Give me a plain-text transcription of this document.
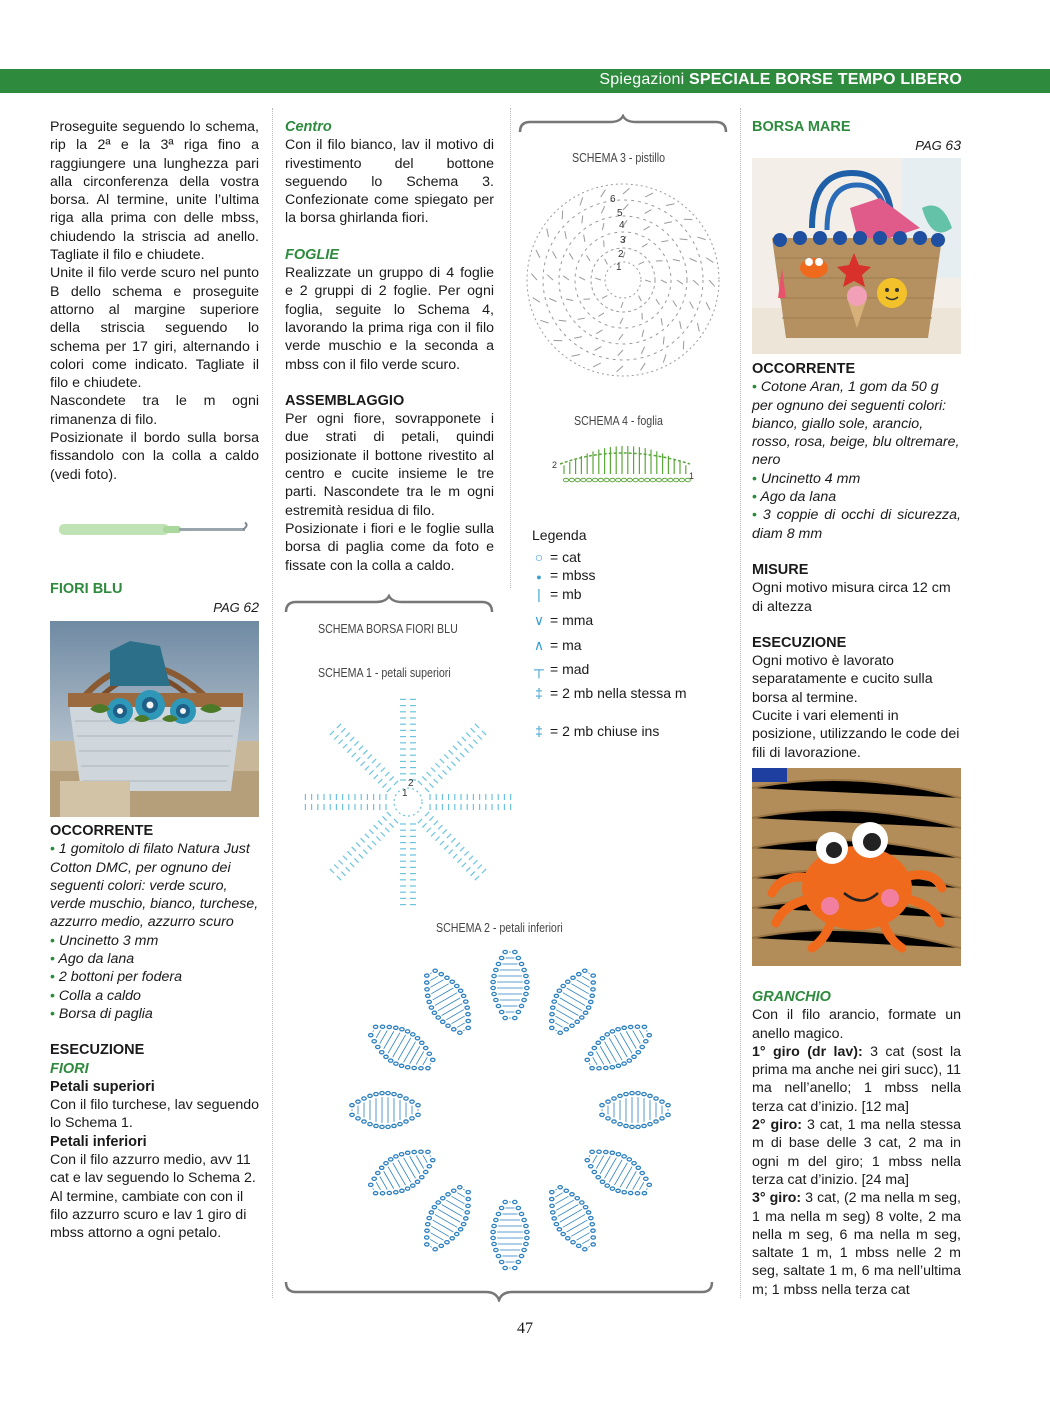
Spiegazioni SPECIALE BORSE TEMPO LIBERO

Proseguite seguendo lo schema, rip la 2ª e la 3ª riga fino a raggiungere una lunghezza pari alla circonferenza della vostra borsa. Al termine, unite l’ultima riga alla prima con delle mbss, chiudendo la striscia ad anello. Tagliate il filo e chiudete.

Unite il filo verde scuro nel punto B dello schema e proseguite attorno al margine superiore della striscia seguendo lo schema per 17 giri, alternando i colori come indicato. Tagliate il filo e chiudete.

Nascondete tra le m ogni rimanenza di filo.

Posizionate il bordo sulla borsa fissandolo con la colla a caldo (vedi foto).

FIORI BLU

PAG 62

OCCORRENTE

• 1 gomitolo di filato Natura Just Cotton DMC, per ognuno dei seguenti colori: verde scuro, verde muschio, bianco, turchese, azzurro medio, azzurro scuro

• Uncinetto 3 mm

• Ago da lana

• 2 bottoni per fodera

• Colla a caldo

• Borsa di paglia

ESECUZIONE

FIORI

Petali superiori

Con il filo turchese, lav seguendo lo Schema 1.

Petali inferiori

Con il filo azzurro medio, avv 11 cat e lav seguendo lo Schema 2.

Al termine, cambiate con con il filo azzurro scuro e lav 1 giro di mbss attorno a ogni petalo.

Centro

Con il filo bianco, lav il motivo di rivestimento del bottone seguendo lo Schema 3. Confezionate come spiegato per la borsa ghirlanda fiori.

FOGLIE

Realizzate un gruppo di 4 foglie e 2 gruppi di 2 foglie. Per ogni foglia, seguite lo Schema 4, lavorando la prima riga con il filo verde muschio e la seconda a mbss con il filo verde scuro.

ASSEMBLAGGIO

Per ogni fiore, sovrapponete i due strati di petali, quindi posizionate il bottone rivestito al centro e cucite insieme le tre parti. Nascondete tra le m ogni estremità residua di filo.

Posizionate i fiori e le foglie sulla borsa di paglia come da foto e fissate con la colla a caldo.

SCHEMA 3 - pistillo
6
5
4
3
2
1
SCHEMA 4 - foglia
2
1
Legenda
○ = cat
● = mbss
| = mb
∨ = mma
∧ = ma
┬ = mad
‡ = 2 mb nella stessa m
‡ = 2 mb chiuse ins
SCHEMA BORSA FIORI BLU
SCHEMA 1 - petali superiori
2
1
SCHEMA 2 - petali inferiori

BORSA MARE

PAG 63

OCCORRENTE

• Cotone Aran, 1 gom da 50 g per ognuno dei seguenti colori: bianco, giallo sole, arancio, rosso, rosa, beige, blu oltremare, nero

• Uncinetto 4 mm

• Ago da lana

• 3 coppie di occhi di sicurezza, diam 8 mm

MISURE

Ogni motivo misura circa 12 cm di altezza

ESECUZIONE

Ogni motivo è lavorato separatamente e cucito sulla borsa al termine.

Cucite i vari elementi in posizione, utilizzando le code dei fili di lavorazione.

GRANCHIO

Con il filo arancio, formate un anello magico.

1° giro (dr lav): 3 cat (sost la prima ma anche nei giri succ), 11 ma nell’anello; 1 mbss nella terza cat d’inizio. [12 ma]

2° giro: 3 cat, 1 ma nella stessa m di base delle 3 cat, 2 ma in ogni m del giro; 1 mbss nella terza cat d’inizio. [24 ma]

3° giro: 3 cat, (2 ma nella m seg, 1 ma nella m seg) 8 volte, 2 ma nella m seg, 6 ma nella m seg, saltate 1 m, 1 mbss nelle 2 m seg, saltate 1 m, 6 ma nell’ultima m; 1 mbss nella terza cat

47
